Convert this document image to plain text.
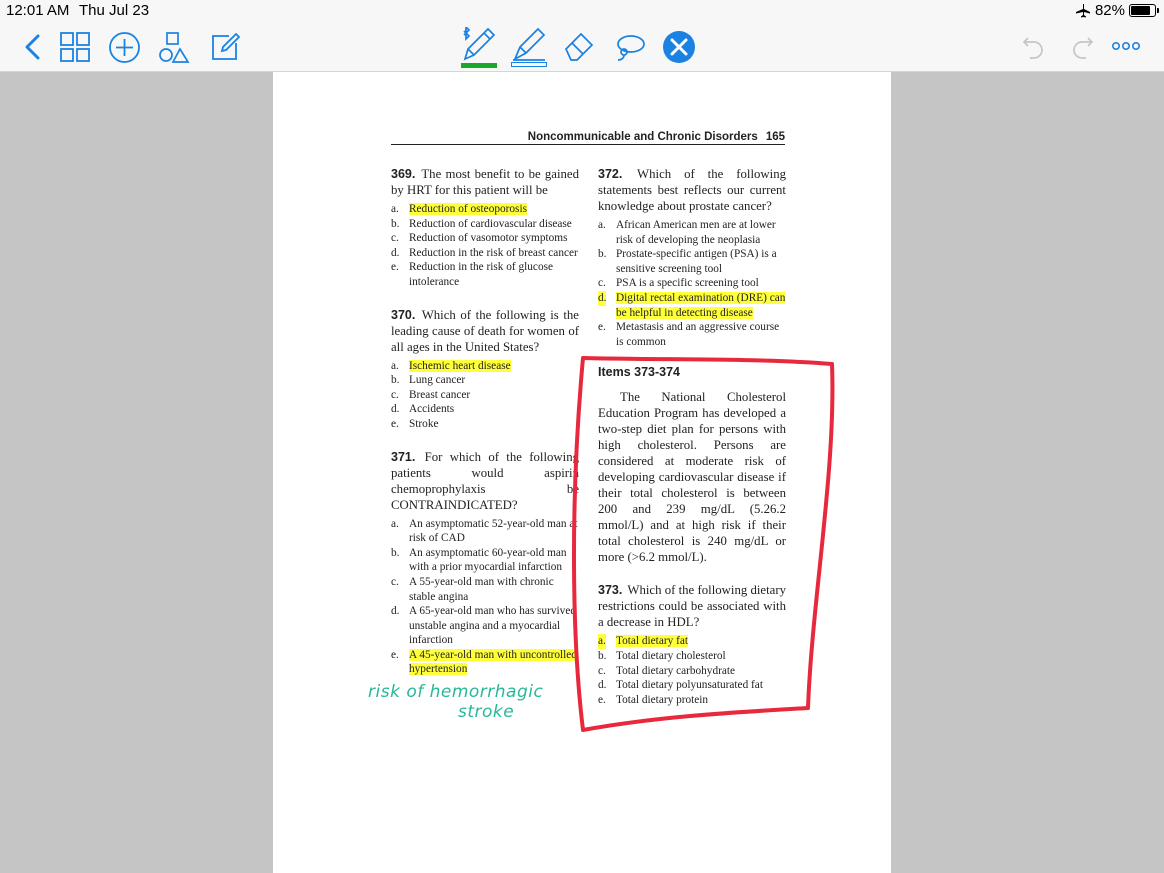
12:01 AM Thu Jul 23	82%
Noncommunicable and Chronic Disorders 165
369. The most benefit to be gained by HRT for this patient will be
a. Reduction of osteoporosis
b. Reduction of cardiovascular disease
c. Reduction of vasomotor symptoms
d. Reduction in the risk of breast cancer
e. Reduction in the risk of glucose intolerance
370. Which of the following is the leading cause of death for women of all ages in the United States?
a. Ischemic heart disease
b. Lung cancer
c. Breast cancer
d. Accidents
e. Stroke
371. For which of the following patients would aspirin chemoprophylaxis be CONTRAINDICATED?
a. An asymptomatic 52-year-old man at risk of CAD
b. An asymptomatic 60-year-old man with a prior myocardial infarction
c. A 55-year-old man with chronic stable angina
d. A 65-year-old man who has survived unstable angina and a myocardial infarction
e. A 45-year-old man with uncontrolled hypertension
372. Which of the following statements best reflects our current knowledge about prostate cancer?
a. African American men are at lower risk of developing the neoplasia
b. Prostate-specific antigen (PSA) is a sensitive screening tool
c. PSA is a specific screening tool
d. Digital rectal examination (DRE) can be helpful in detecting disease
e. Metastasis and an aggressive course is common
Items 373-374
The National Cholesterol Education Program has developed a two-step diet plan for persons with high cholesterol. Persons are considered at moderate risk of developing cardiovascular disease if their total cholesterol is between 200 and 239 mg/dL (5.26.2 mmol/L) and at high risk if their total cholesterol is 240 mg/dL or more (>6.2 mmol/L).
373. Which of the following dietary restrictions could be associated with a decrease in HDL?
a. Total dietary fat
b. Total dietary cholesterol
c. Total dietary carbohydrate
d. Total dietary polyunsaturated fat
e. Total dietary protein
risk of hemorrhagic
stroke
